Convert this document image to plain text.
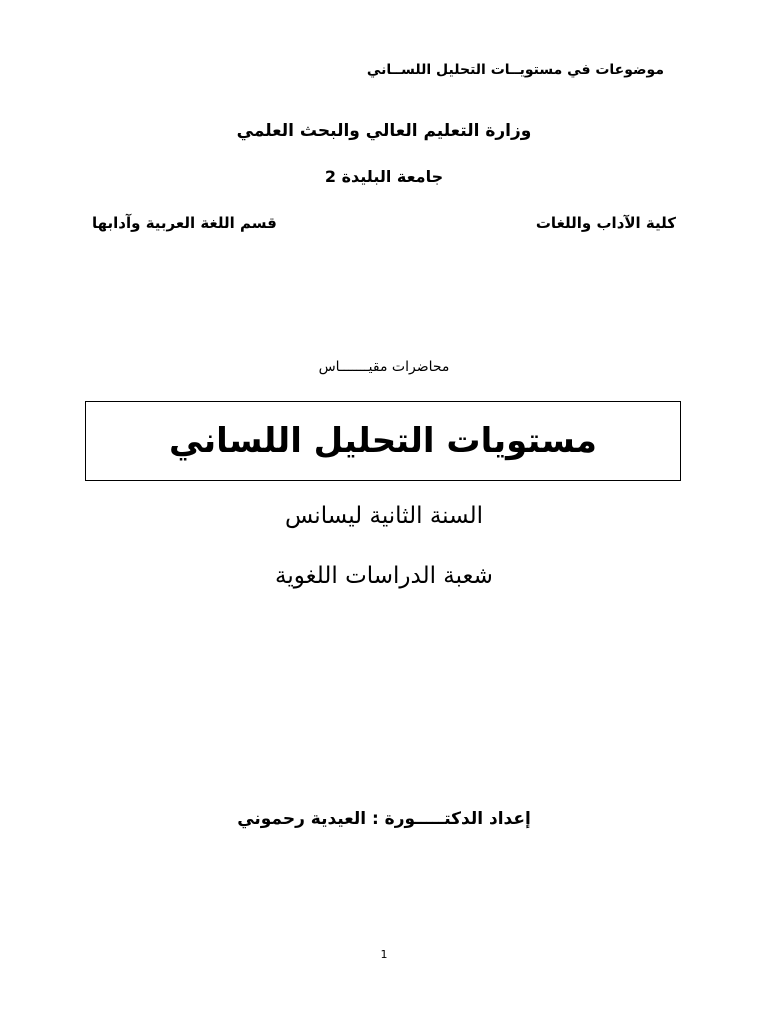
موضوعات في مستويــات التحليل اللســاني
وزارة التعليم العالي والبحث العلمي
جامعة البليدة 2
كلية الآداب واللغات
قسم اللغة العربية وآدابها
محاضرات مقيـــــــاس
مستويات التحليل اللساني
السنة الثانية ليسانس
شعبة الدراسات اللغوية
إعداد الدكتـــــورة : العيدية رحموني
1
